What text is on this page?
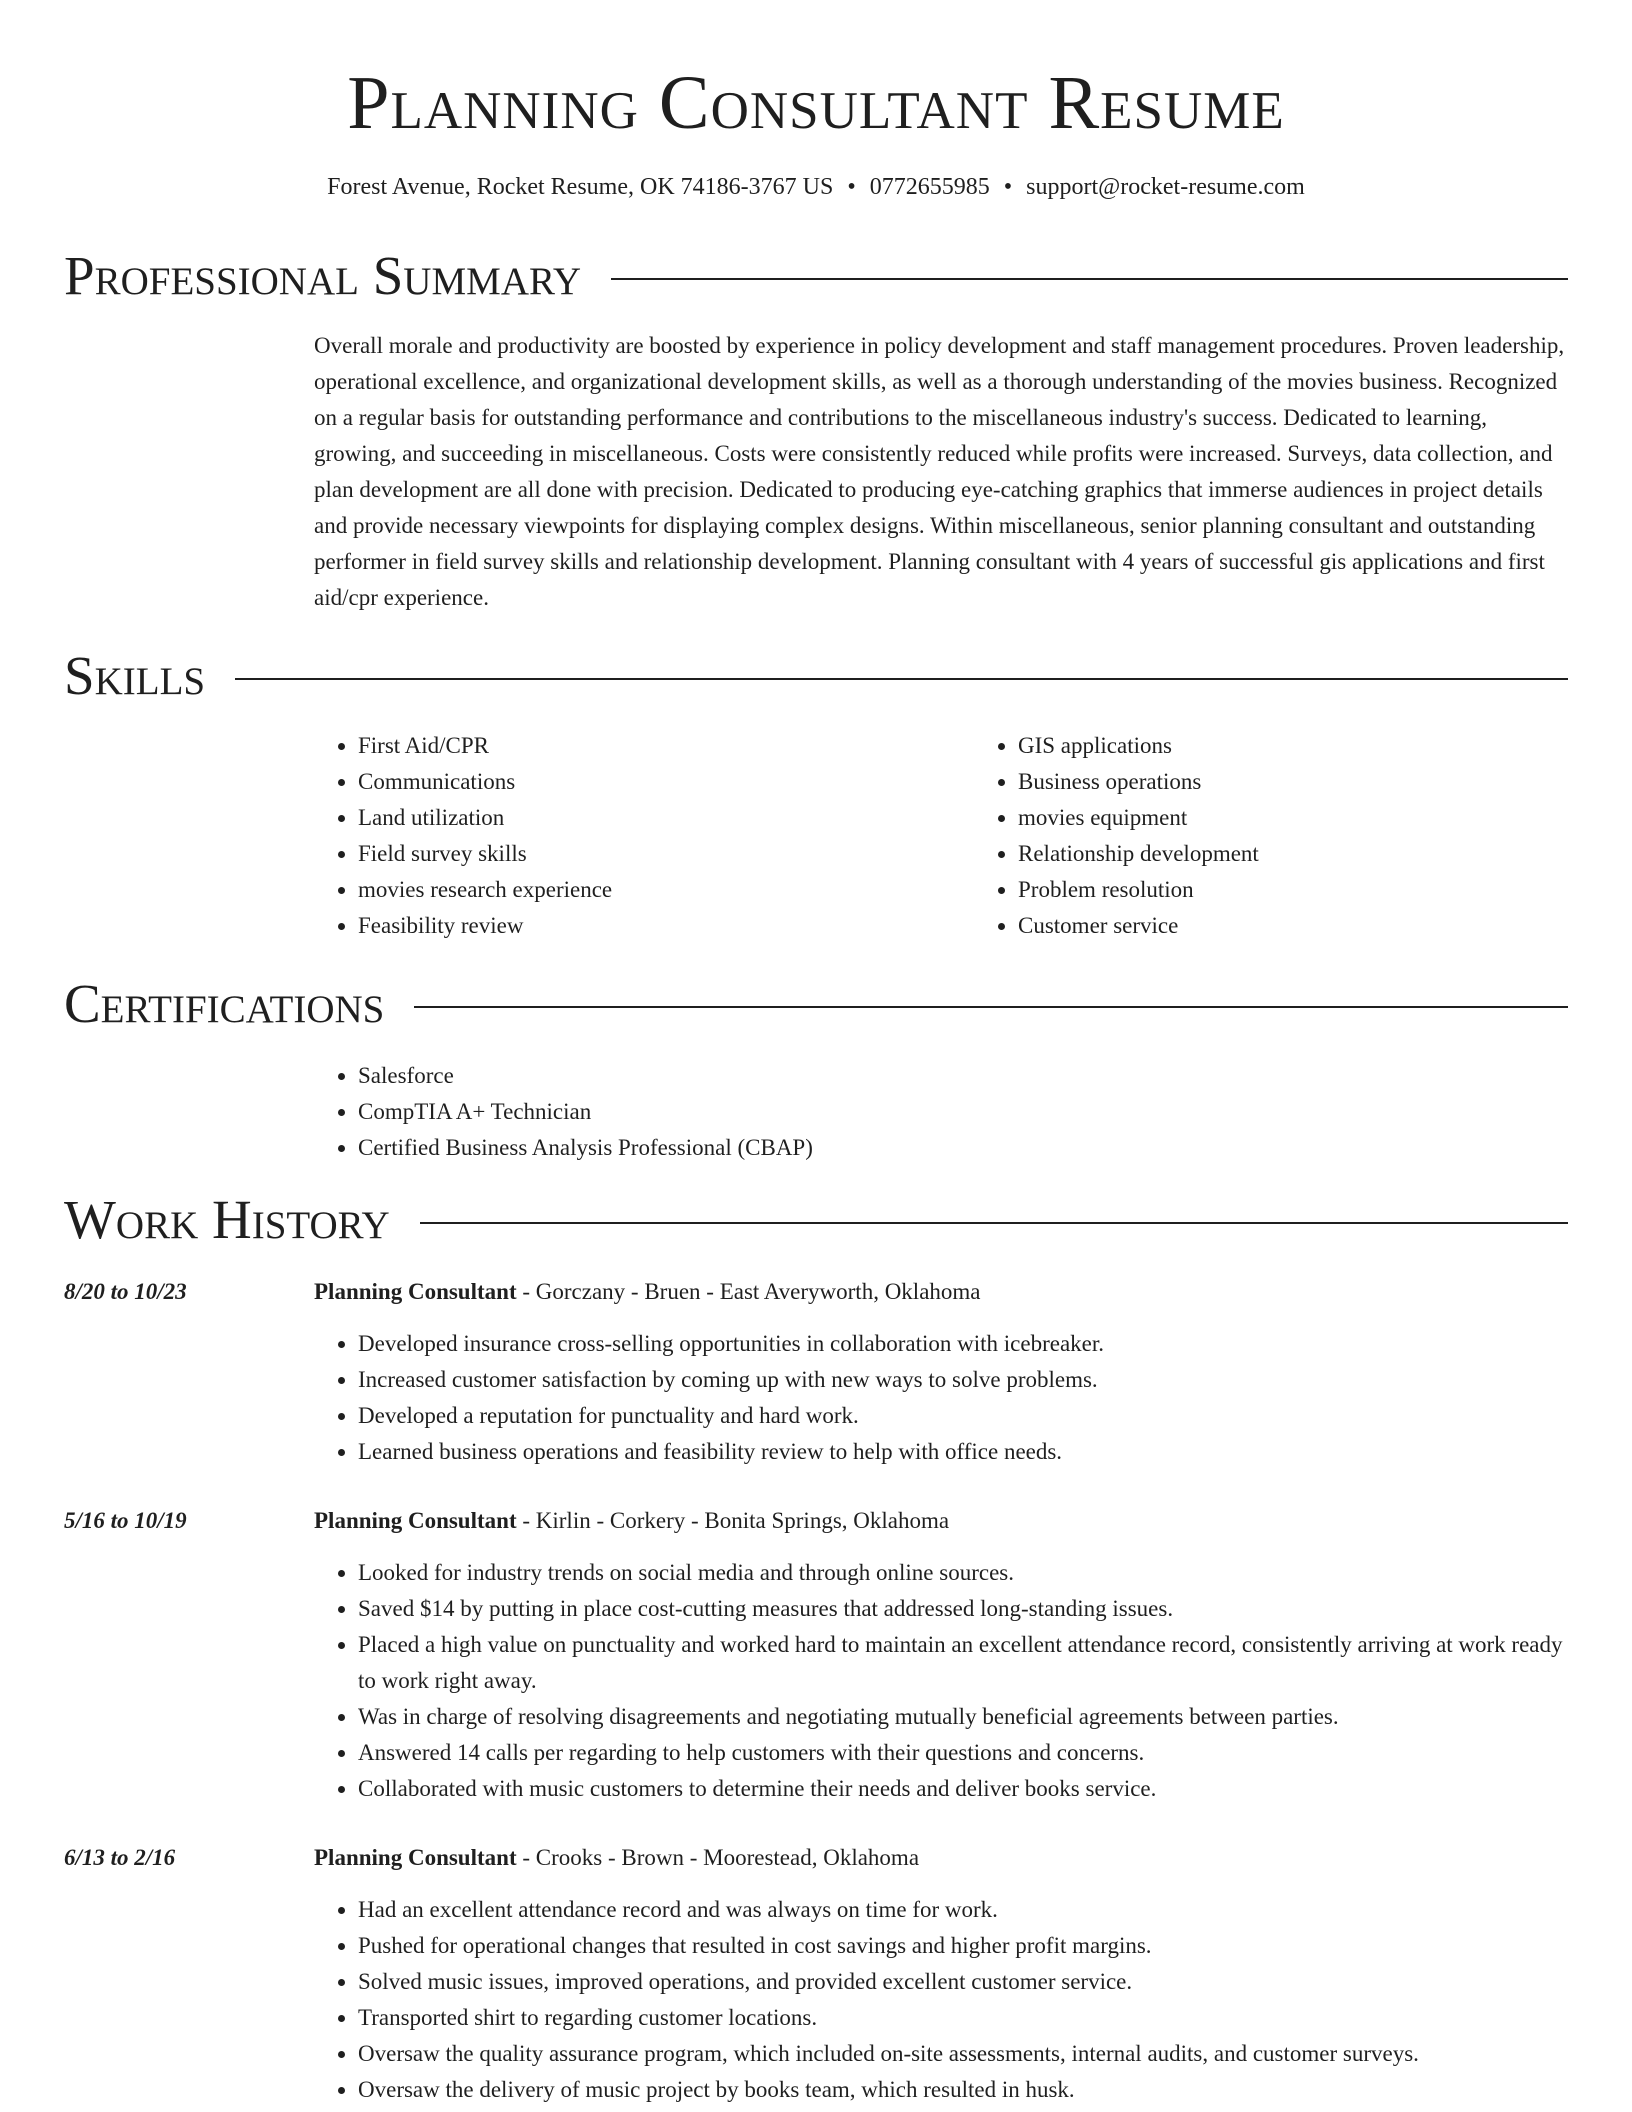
Planning Consultant Resume
Forest Avenue, Rocket Resume, OK 74186-3767 US • 0772655985 • support@rocket-resume.com
Professional Summary

Overall morale and productivity are boosted by experience in policy development and staff management procedures. Proven leadership, operational excellence, and organizational development skills, as well as a thorough understanding of the movies business. Recognized on a regular basis for outstanding performance and contributions to the miscellaneous industry's success. Dedicated to learning, growing, and succeeding in miscellaneous. Costs were consistently reduced while profits were increased. Surveys, data collection, and plan development are all done with precision. Dedicated to producing eye-catching graphics that immerse audiences in project details and provide necessary viewpoints for displaying complex designs. Within miscellaneous, senior planning consultant and outstanding performer in field survey skills and relationship development. Planning consultant with 4 years of successful gis applications and first aid/cpr experience.

Skills
• First Aid/CPR
• Communications
• Land utilization
• Field survey skills
• movies research experience
• Feasibility review
• GIS applications
• Business operations
• movies equipment
• Relationship development
• Problem resolution
• Customer service
Certifications
• Salesforce
• CompTIA A+ Technician
• Certified Business Analysis Professional (CBAP)
Work History
8/20 to 10/23	Planning Consultant - Gorczany - Bruen - East Averyworth, Oklahoma

• Developed insurance cross-selling opportunities in collaboration with icebreaker.
• Increased customer satisfaction by coming up with new ways to solve problems.
• Developed a reputation for punctuality and hard work.
• Learned business operations and feasibility review to help with office needs.
5/16 to 10/19	Planning Consultant - Kirlin - Corkery - Bonita Springs, Oklahoma

• Looked for industry trends on social media and through online sources.
• Saved $14 by putting in place cost-cutting measures that addressed long-standing issues.
• Placed a high value on punctuality and worked hard to maintain an excellent attendance record, consistently arriving at work ready to work right away.
• Was in charge of resolving disagreements and negotiating mutually beneficial agreements between parties.
• Answered 14 calls per regarding to help customers with their questions and concerns.
• Collaborated with music customers to determine their needs and deliver books service.
6/13 to 2/16	Planning Consultant - Crooks - Brown - Moorestead, Oklahoma

• Had an excellent attendance record and was always on time for work.
• Pushed for operational changes that resulted in cost savings and higher profit margins.
• Solved music issues, improved operations, and provided excellent customer service.
• Transported shirt to regarding customer locations.
• Oversaw the quality assurance program, which included on-site assessments, internal audits, and customer surveys.
• Oversaw the delivery of music project by books team, which resulted in husk.
